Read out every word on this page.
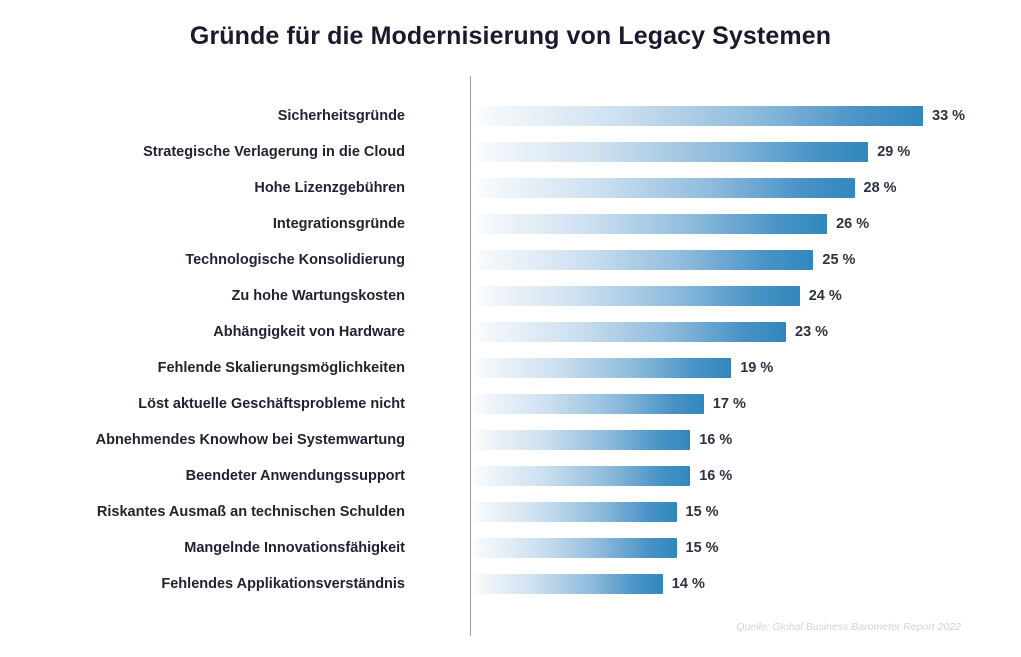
Gründe für die Modernisierung von Legacy Systemen
Sicherheitsgründe	33 %
Strategische Verlagerung in die Cloud	29 %
Hohe Lizenzgebühren	28 %
Integrationsgründe	26 %
Technologische Konsolidierung	25 %
Zu hohe Wartungskosten	24 %
Abhängigkeit von Hardware	23 %
Fehlende Skalierungsmöglichkeiten	19 %
Löst aktuelle Geschäftsprobleme nicht	17 %
Abnehmendes Knowhow bei Systemwartung	16 %
Beendeter Anwendungssupport	16 %
Riskantes Ausmaß an technischen Schulden	15 %
Mangelnde Innovationsfähigkeit	15 %
Fehlendes Applikationsverständnis	14 %
Quelle: Global Business Barometer Report 2022
